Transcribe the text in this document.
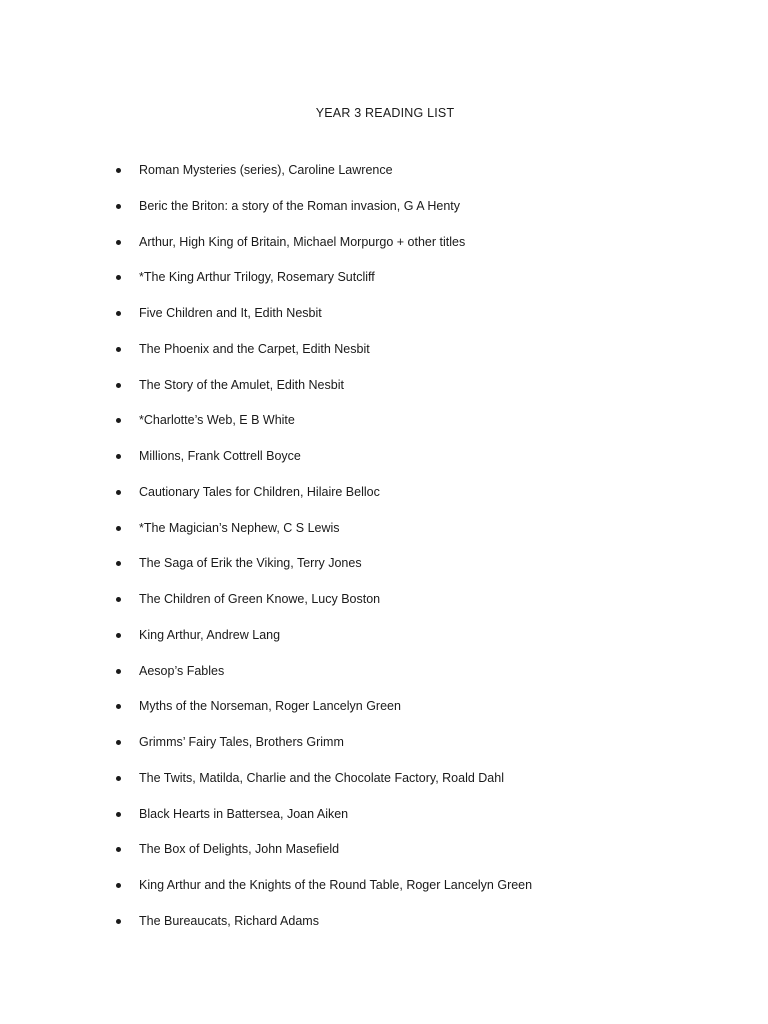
YEAR 3 READING LIST
Roman Mysteries (series), Caroline Lawrence
Beric the Briton: a story of the Roman invasion, G A Henty
Arthur, High King of Britain, Michael Morpurgo + other titles
*The King Arthur Trilogy, Rosemary Sutcliff
Five Children and It, Edith Nesbit
The Phoenix and the Carpet, Edith Nesbit
The Story of the Amulet, Edith Nesbit
*Charlotte’s Web, E B White
Millions, Frank Cottrell Boyce
Cautionary Tales for Children, Hilaire Belloc
*The Magician’s Nephew, C S Lewis
The Saga of Erik the Viking, Terry Jones
The Children of Green Knowe, Lucy Boston
King Arthur, Andrew Lang
Aesop’s Fables
Myths of the Norseman, Roger Lancelyn Green
Grimms’ Fairy Tales, Brothers Grimm
The Twits, Matilda, Charlie and the Chocolate Factory, Roald Dahl
Black Hearts in Battersea, Joan Aiken
The Box of Delights, John Masefield
King Arthur and the Knights of the Round Table, Roger Lancelyn Green
The Bureaucats, Richard Adams
